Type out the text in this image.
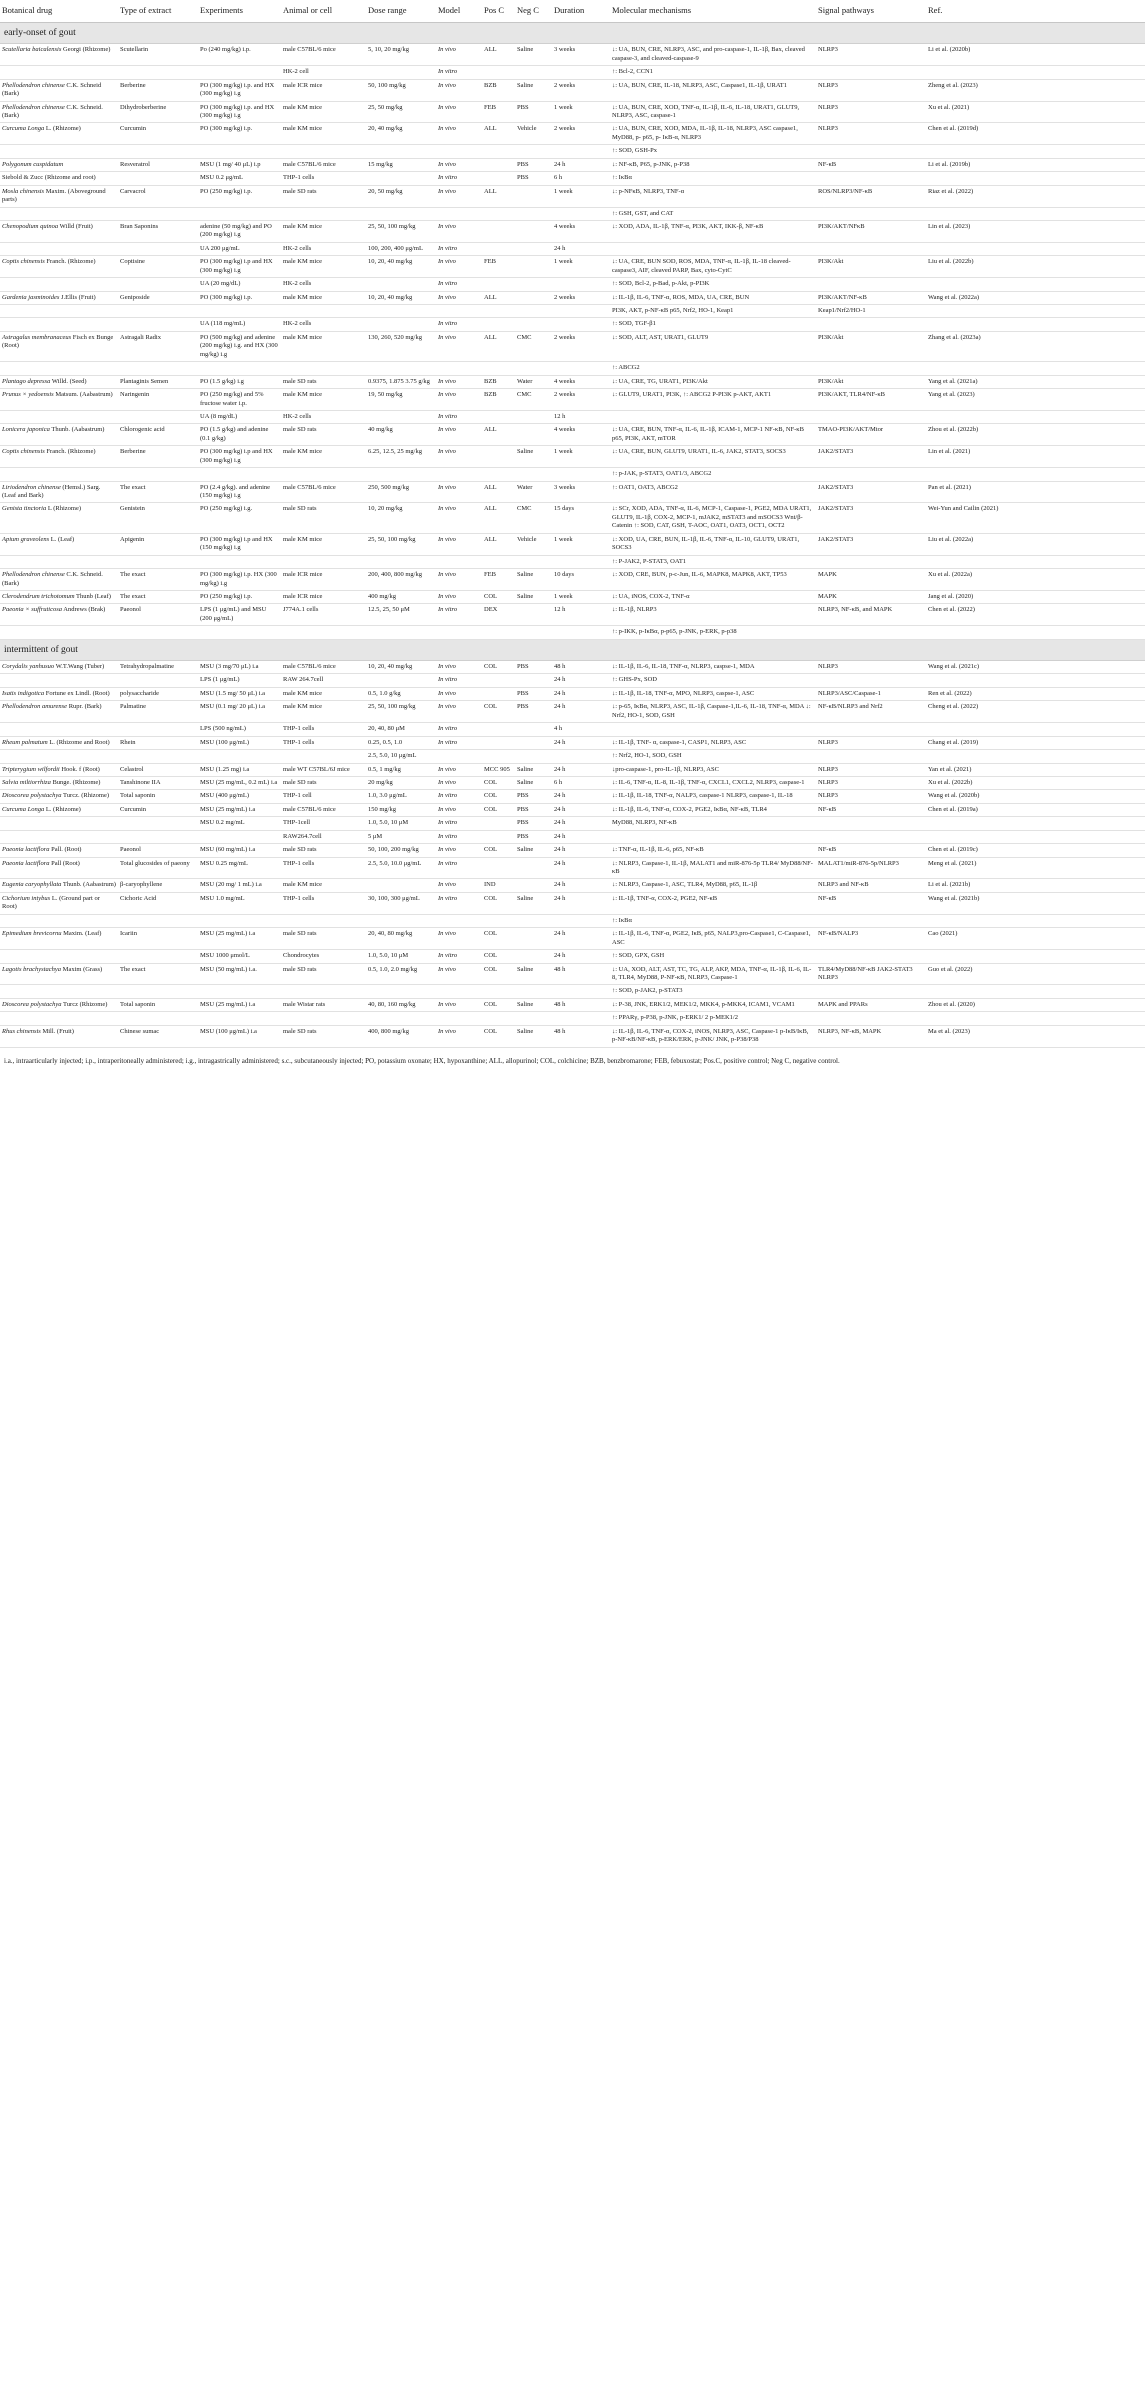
Botanical drug	Type of extract	Experiments	Animal or cell	Dose range	Model	Pos C	Neg C	Duration	Molecular mechanisms	Signal pathways	Ref.
early-onset of gout											
Scutellaria baicalensis Georgi (Rhizome)	Scutellarin	Po (240 mg/kg) i.p.	male C57BL/6 mice	5, 10, 20 mg/kg	In vivo	ALL	Saline	3 weeks	↓: UA, BUN, CRE, NLRP3, ASC, and pro-caspase-1, IL-1β, Bax, cleaved caspase-3, and cleaved-caspase-9	NLRP3	Li et al. (2020b)
			HK-2 cell		In vitro				↑: Bcl-2, CCN1		
Phellodendron chinense C.K. Schneid (Bark)	Berberine	PO (300 mg/kg) i.p. and HX (300 mg/kg) i.g	male ICR mice	50, 100 mg/kg	In vivo	BZB	Saline	2 weeks	↓: UA, BUN, CRE, IL-18, NLRP3, ASC, Caspase1, IL-1β, URAT1	NLRP3	Zheng et al. (2023)
Phellodendron chinense C.K. Schneid. (Bark)	Dihydroberberine	PO (300 mg/kg) i.p. and HX (300 mg/kg) i.g	male KM mice	25, 50 mg/kg	In vivo	FEB	PBS	1 week	↓: UA, BUN, CRE, XOD, TNF-α, IL-1β, IL-6, IL-18, URAT1, GLUT9, NLRP3, ASC, caspase-1	NLRP3	Xu et al. (2021)
Curcuma Longa L. (Rhizome)	Curcumin	PO (300 mg/kg) i.p.	male KM mice	20, 40 mg/kg	In vivo	ALL	Vehicle	2 weeks	↓: UA, BUN, CRE, XOD, MDA, IL-1β, IL-18, NLRP3, ASC caspase1, MyD88, p- p65, p- IκB-α, NLRP3	NLRP3	Chen et al. (2019d)
									↑: SOD, GSH-Px		
Polygonum cuspidatum	Resveratrol	MSU (1 mg/ 40 μL) i.p	male C57BL/6 mice	15 mg/kg	In vivo		PBS	24 h	↓: NF-κB, P65, p-JNK, p-P38	NF-κB	Li et al. (2019b)
Siebold & Zucc (Rhizome and root)		MSU 0.2 μg/mL	THP-1 cells		In vitro		PBS	6 h	↑: IκBα		
Mosla chinensis Maxim. (Aboveground parts)	Carvacrol	PO (250 mg/kg) i.p.	male SD rats	20, 50 mg/kg	In vivo	ALL		1 week	↓: p-NFκB, NLRP3, TNF-α	ROS/NLRP3/NF-κB	Riaz et al. (2022)
									↑: GSH, GST, and CAT		
Chenopodium quinoa Willd (Fruit)	Bran Saponins	adenine (50 mg/kg) and PO (200 mg/kg) i.g	male KM mice	25, 50, 100 mg/kg	In vivo			4 weeks	↓: XOD, ADA, IL-1β, TNF-α, PI3K, AKT, IKK-β, NF-κB	PI3K/AKT/NFκB	Lin et al. (2023)
		UA 200 μg/mL	HK-2 cells	100, 200, 400 μg/mL	In vitro			24 h			
Coptis chinensis Franch. (Rhizome)	Coptisine	PO (300 mg/kg) i.p and HX (300 mg/kg) i.g	male KM mice	10, 20, 40 mg/kg	In vivo	FEB		1 week	↓: UA, CRE, BUN SOD, ROS, MDA, TNF-α, IL-1β, IL-18 cleaved-caspase3, AIF, cleaved PARP, Bax, cyto-CytC	PI3K/Akt	Liu et al. (2022b)
		UA (20 mg/dL)	HK-2 cells		In vitro				↑: SOD, Bcl-2, p-Bad, p-Akt, p-PI3K		
Gardenia jasminoides J.Ellis (Fruit)	Geniposide	PO (300 mg/kg) i.p.	male KM mice	10, 20, 40 mg/kg	In vivo	ALL		2 weeks	↓: IL-1β, IL-6, TNF-α, ROS, MDA, UA, CRE, BUN	PI3K/AKT/NF-κB	Wang et al. (2022a)
									PI3K, AKT, p-NF-κB p65, Nrf2, HO-1, Keap1	Keap1/Nrf2/HO-1	
		UA (118 mg/mL)	HK-2 cells		In vitro				↑: SOD, TGF-β1		
Astragalus membranaceus Fisch ex Bunge (Root)	Astragali Radix	PO (500 mg/kg) and adenine (200 mg/kg) i.g. and HX (300 mg/kg) i.g	male KM mice	130, 260, 520 mg/kg	In vivo	ALL	CMC	2 weeks	↓: SOD, ALT, AST, URAT1, GLUT9	PI3K/Akt	Zhang et al. (2023a)
									↑: ABCG2		
Plantago depressa Willd. (Seed)	Plantaginis Semen	PO (1.5 g/kg) i.g	male SD rats	0.9375, 1.875 3.75 g/kg	In vivo	BZB	Water	4 weeks	↓: UA, CRE, TG, URAT1, PI3K/Akt	PI3K/Akt	Yang et al. (2021a)
Prunus × yedoensis Matsum. (Aabastrum)	Naringenin	PO (250 mg/kg) and 5% fructose water i.p.	male KM mice	19, 50 mg/kg	In vivo	BZB	CMC	2 weeks	↓: GLUT9, URAT1, PI3K, ↑: ABCG2 P-PI3K p-AKT, AKT1	PI3K/AKT, TLR4/NF-κB	Yang et al. (2023)
		UA (8 mg/dL)	HK-2 cells		In vitro			12 h			
Lonicera japonica Thunb. (Aabastrum)	Chlorogenic acid	PO (1.5 g/kg) and adenine (0.1 g/kg)	male SD rats	40 mg/kg	In vivo	ALL		4 weeks	↓: UA, CRE, BUN, TNF-α, IL-6, IL-1β, ICAM-1, MCP-1 NF-κB, NF-κB p65, PI3K, AKT, mTOR	TMAO-PI3K/AKT/Mtor	Zhou et al. (2022b)
Coptis chinensis Franch. (Rhizome)	Berberine	PO (300 mg/kg) i.p and HX (300 mg/kg) i.g	male KM mice	6.25, 12.5, 25 mg/kg	In vivo		Saline	1 week	↓: UA, CRE, BUN, GLUT9, URAT1, IL-6, JAK2, STAT3, SOCS3	JAK2/STAT3	Lin et al. (2021)
									↑: p-JAK, p-STAT3, OAT1/3, ABCG2		
Liriodendron chinense (Hemsl.) Sarg. (Leaf and Bark)	The exact	PO (2.4 g/kg). and adenine (150 mg/kg) i.g	male C57BL/6 mice	250, 500 mg/kg	In vivo	ALL	Water	3 weeks	↑: OAT1, OAT3, ABCG2	JAK2/STAT3	Pan et al. (2021)
Genista tinctoria L (Rhizome)	Genistein	PO (250 mg/kg) i.g.	male SD rats	10, 20 mg/kg	In vivo	ALL	CMC	15 days	↓: SCr, XOD, ADA, TNF-α, IL-6, MCP-1, Caspase-1, PGE2, MDA URAT1, GLUT9, IL-1β, COX-2, MCP-1, mJAK2, mSTAT3 and mSOCS3 Wnt/β-Catenin ↑: SOD, CAT, GSH, T-AOC, OAT1, OAT3, OCT1, OCT2	JAK2/STAT3	Wei-Yun and Cailin (2021)
Apium graveolens L. (Leaf)	Apigenin	PO (300 mg/kg) i.p and HX (150 mg/kg) i.g	male KM mice	25, 50, 100 mg/kg	In vivo	ALL	Vehicle	1 week	↓: XOD, UA, CRE, BUN, IL-1β, IL-6, TNF-α, IL-10, GLUT9, URAT1, SOCS3	JAK2/STAT3	Liu et al. (2022a)
									↑: P-JAK2, P-STAT3, OAT1		
Phellodendron chinense C.K. Schneid. (Bark)	The exact	PO (300 mg/kg) i.p. HX (300 mg/kg) i.g	male ICR mice	200, 400, 800 mg/kg	In vivo	FEB	Saline	10 days	↓: XOD, CRE, BUN, p-c-Jun, IL-6, MAPK8, MAPK8, AKT, TP53	MAPK	Xu et al. (2022a)
Clerodendrum trichotomum Thunb (Leaf)	The exact	PO (250 mg/kg) i.p.	male ICR mice	400 mg/kg	In vivo	COL	Saline	1 week	↓: UA, iNOS, COX-2, TNF-α	MAPK	Jang et al. (2020)
Paeonia × suffruticosa Andrews (Brak)	Paeonol	LPS (1 μg/mL) and MSU (200 μg/mL)	J774A.1 cells	12.5, 25, 50 μM	In vitro	DEX		12 h	↓: IL-1β, NLRP3	NLRP3, NF-κB, and MAPK	Chen et al. (2022)
									↑: p-IKK, p-IκBα, p-p65, p-JNK, p-ERK, p-p38		
intermittent of gout											
Corydalis yanhusuo W.T.Wang (Tuber)	Tetrahydropalmatine	MSU (3 mg/70 μL) i.a	male C57BL/6 mice	10, 20, 40 mg/kg	In vivo	COL	PBS	48 h	↓: IL-1β, IL-6, IL-18, TNF-α, NLRP3, caspse-1, MDA	NLRP3	Wang et al. (2021c)
		LPS (1 μg/mL)	RAW 264.7cell		In vitro			24 h	↑: GHS-Px, SOD		
Isatis indigotica Fortune ex Lindl. (Root)	polysaccharide	MSU (1.5 mg/ 50 μL) i.a	male KM mice	0.5, 1.0 g/kg	In vivo		PBS	24 h	↓: IL-1β, IL-18, TNF-α, MPO, NLRP3, caspse-1, ASC	NLRP3/ASC/Caspase-1	Ren et al. (2022)
Phellodendron amurense Rupr. (Bark)	Palmatine	MSU (0.1 mg/ 20 μL) i.a	male KM mice	25, 50, 100 mg/kg	In vivo	COL	PBS	24 h	↓: p-65, IκBα, NLRP3, ASC, IL-1β, Caspase-1,IL-6, IL-18, TNF-α, MDA ↓: Nrf2, HO-1, SOD, GSH	NF-κB/NLRP3 and Nrf2	Cheng et al. (2022)
		LPS (500 ng/mL)	THP-1 cells	20, 40, 80 μM	In vitro			4 h			
Rheum palmatum L. (Rhizome and Root)	Rhein	MSU (100 μg/mL)	THP-1 cells	0.25, 0.5, 1.0	In vitro			24 h	↓: IL-1β, TNF- α, caspase-1, CASP1, NLRP3, ASC	NLRP3	Chang et al. (2019)
				2.5, 5.0, 10 μg/mL					↑: Nrf2, HO-1, SOD, GSH		
Tripterygium wilfordii Hook. f (Root)	Celastrol	MSU (1.25 mg) i.a	male WT C57BL/6J mice	0.5, 1 mg/kg	In vivo	MCC 905	Saline	24 h	↓pro-caspase-1, pro-IL-1β, NLRP3, ASC	NLRP3	Yan et al. (2021)
Salvia miltiorrhiza Bunge. (Rhizome)	Tanshinone IIA	MSU (25 mg/mL, 0.2 mL) i.a	male SD rats	20 mg/kg	In vivo	COL	Saline	6 h	↓: IL-6, TNF-α, IL-8, IL-1β, TNF-α, CXCL1, CXCL2, NLRP3, caspase-1	NLRP3	Xu et al. (2022b)
Dioscorea polystachya Turcz. (Rhizome)	Total saponin	MSU (400 μg/mL)	THP-1 cell	1.0, 3.0 μg/mL	In vitro	COL	PBS	24 h	↓: IL-1β, IL-18, TNF-α, NALP3, caspase-1 NLRP3, caspase-1, IL-18	NLRP3	Wang et al. (2020b)
Curcuma Longa L. (Rhizome)	Curcumin	MSU (25 mg/mL) i.a	male C57BL/6 mice	150 mg/kg	In vivo	COL	PBS	24 h	↓: IL-1β, IL-6, TNF-α, COX-2, PGE2, IκBα, NF-κB, TLR4	NF-κB	Chen et al. (2019a)
		MSU 0.2 mg/mL	THP-1cell	1.0, 5.0, 10 μM	In vitro		PBS	24 h	MyD88, NLRP3, NF-κB		
			RAW264.7cell	5 μM	In vitro		PBS	24 h			
Paeonia lactiflora Pall. (Root)	Paeonol	MSU (60 mg/mL) i.a	male SD rats	50, 100, 200 mg/kg	In vivo	COL	Saline	24 h	↓: TNF-α, IL-1β, IL-6, p65, NF-κB	NF-κB	Chen et al. (2019c)
Paeonia lactiflora Pall (Root)	Total glucosides of paeony	MSU 0.25 mg/mL	THP-1 cells	2.5, 5.0, 10.0 μg/mL	In vitro			24 h	↓: NLRP3, Caspase-1, IL-1β, MALAT1 and miR-876-5p TLR4/ MyD88/NF-κB	MALAT1/miR-876-5p/NLRP3	Meng et al. (2021)
Eugenia caryophyllata Thunb. (Aabastrum)	β-caryophyllene	MSU (20 mg/ 1 mL) i.a	male KM mice		In vivo	IND		24 h	↓: NLRP3, Caspase-1, ASC, TLR4, MyD88, p65, IL-1β	NLRP3 and NF-κB	Li et al. (2021b)
Cichorium intybus L. (Ground part or Root)	Cichoric Acid	MSU 1.0 mg/mL	THP-1 cells	30, 100, 300 μg/mL	In vitro	COL	Saline	24 h	↓: IL-1β, TNF-α, COX-2, PGE2, NF-κB	NF-κB	Wang et al. (2021b)
									↑: IκBα		
Epimedium brevicornu Maxim. (Leaf)	Icariin	MSU (25 mg/mL) i.a	male SD rats	20, 40, 80 mg/kg	In vivo	COL		24 h	↓: IL-1β, IL-6, TNF-α, PGE2, IκB, p65, NALP3,pro-Caspase1, C-Caspase1, ASC	NF-κB/NALP3	Cao (2021)
		MSU 1000 μmol/L	Chondrocytes	1.0, 5.0, 10 μM	In vitro	COL		24 h	↑: SOD, GPX, GSH		
Lagotis brachystachya Maxim (Grass)	The exact	MSU (50 mg/mL) i.a.	male SD rats	0.5, 1.0, 2.0 mg/kg	In vivo	COL	Saline	48 h	↓: UA, XOD, ALT, AST, TC, TG, ALP, AKP, MDA, TNF-α, IL-1β, IL-6, IL-8, TLR4, MyD88, P-NF-κB, NLRP3, Caspase-1	TLR4/MyD88/NF-κB JAK2-STAT3 NLRP3	Guo et al. (2022)
									↑: SOD, p-JAK2, p-STAT3		
Dioscorea polystachya Turcz (Rhizome)	Total saponin	MSU (25 mg/mL) i.a	male Wistar rats	40, 80, 160 mg/kg	In vivo	COL	Saline	48 h	↓: P-38, JNK, ERK1/2, MEK1/2, MKK4, p-MKK4, ICAM1, VCAM1	MAPK and PPARs	Zhou et al. (2020)
									↑: PPARγ, p-P38, p-JNK, p-ERK1/ 2 p-MEK1/2		
Rhus chinensis Mill. (Fruit)	Chinese sumac	MSU (100 μg/mL) i.a	male SD rats	400, 800 mg/kg	In vivo	COL	Saline	48 h	↓: IL-1β, IL-6, TNF-α, COX-2, iNOS, NLRP3, ASC, Caspase-1 p-IκB/IκB, p-NF-κB/NF-κB, p-ERK/ERK, p-JNK/ JNK, p-P38/P38	NLRP3, NF-κB, MAPK	Ma et al. (2023)
i.a., intraarticularly injected; i.p., intraperitoneally administered; i.g., intragastrically administered; s.c., subcutaneously injected; PO, potassium oxonate; HX, hypoxanthine; ALL, allopurinol; COL, colchicine; BZB, benzbromarone; FEB, febuxostat; Pos.C, positive control; Neg C, negative control.
